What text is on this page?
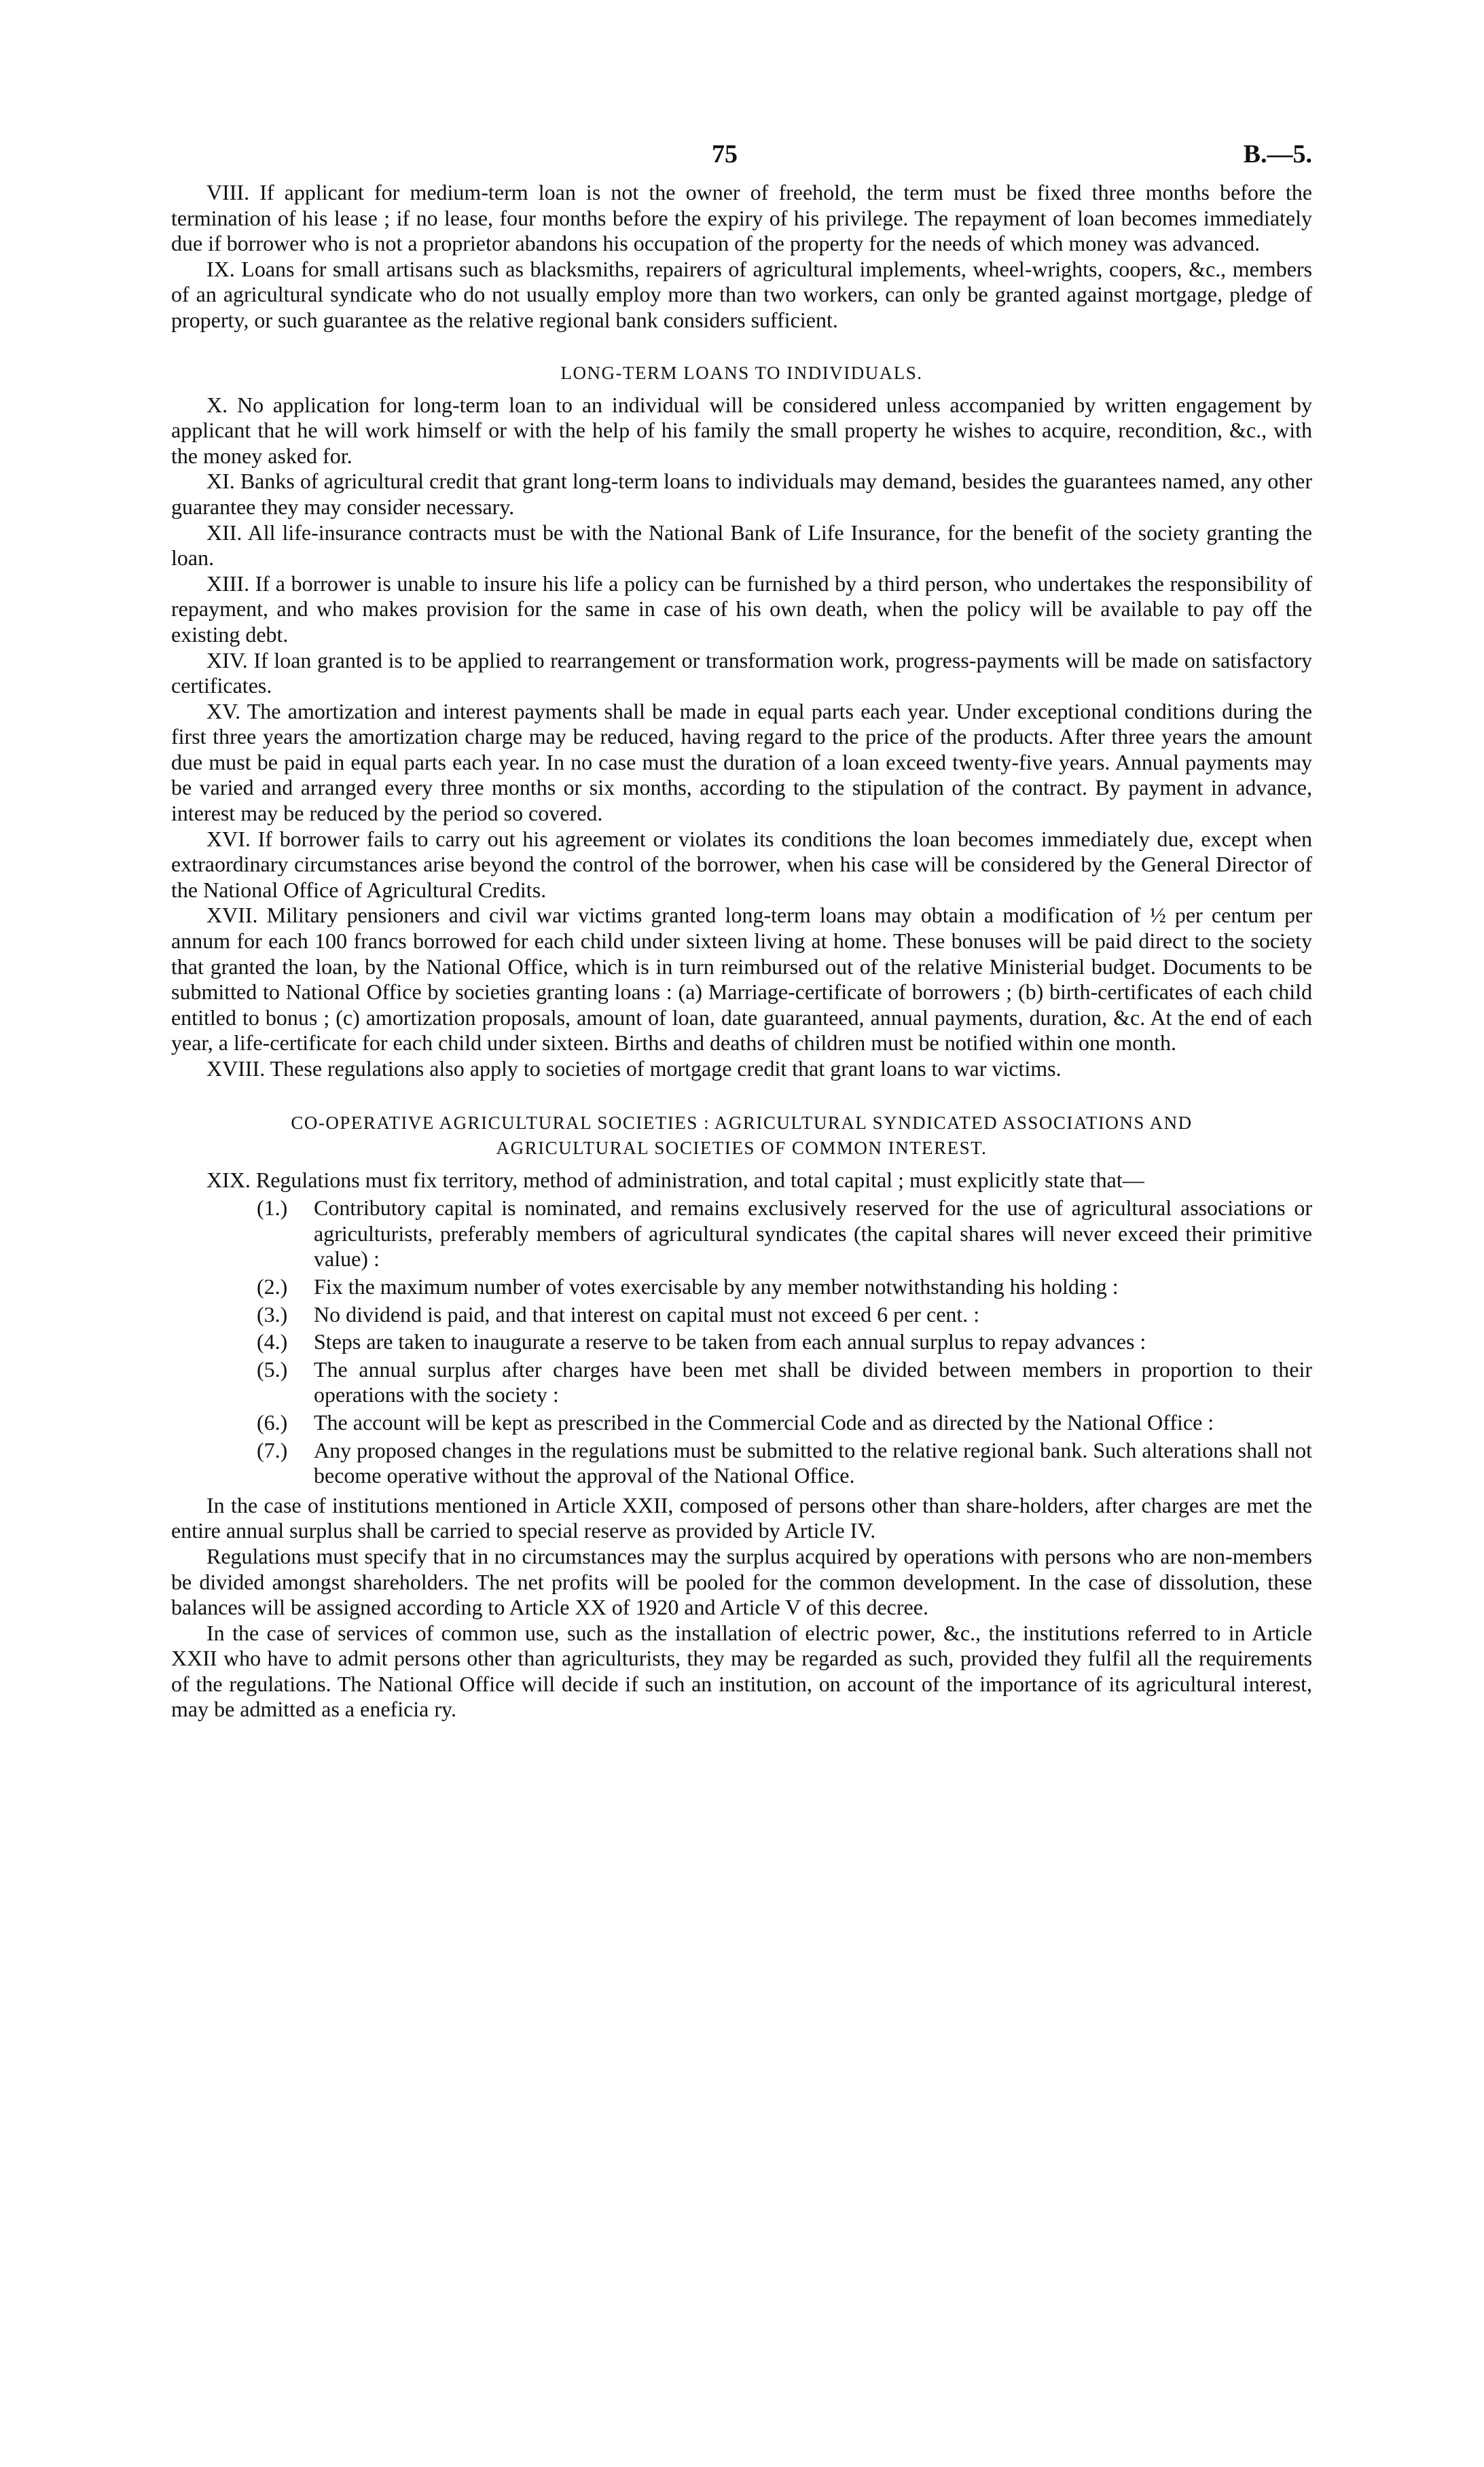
75	B.—5.

VIII. If applicant for medium-term loan is not the owner of freehold, the term must be fixed three months before the termination of his lease ; if no lease, four months before the expiry of his privilege. The repayment of loan becomes immediately due if borrower who is not a proprietor abandons his occupation of the property for the needs of which money was advanced.

IX. Loans for small artisans such as blacksmiths, repairers of agricultural implements, wheel-wrights, coopers, &c., members of an agricultural syndicate who do not usually employ more than two workers, can only be granted against mortgage, pledge of property, or such guarantee as the relative regional bank considers sufficient.

LONG-TERM LOANS TO INDIVIDUALS.

X. No application for long-term loan to an individual will be considered unless accompanied by written engagement by applicant that he will work himself or with the help of his family the small property he wishes to acquire, recondition, &c., with the money asked for.

XI. Banks of agricultural credit that grant long-term loans to individuals may demand, besides the guarantees named, any other guarantee they may consider necessary.

XII. All life-insurance contracts must be with the National Bank of Life Insurance, for the benefit of the society granting the loan.

XIII. If a borrower is unable to insure his life a policy can be furnished by a third person, who undertakes the responsibility of repayment, and who makes provision for the same in case of his own death, when the policy will be available to pay off the existing debt.

XIV. If loan granted is to be applied to rearrangement or transformation work, progress-payments will be made on satisfactory certificates.

XV. The amortization and interest payments shall be made in equal parts each year. Under exceptional conditions during the first three years the amortization charge may be reduced, having regard to the price of the products. After three years the amount due must be paid in equal parts each year. In no case must the duration of a loan exceed twenty-five years. Annual payments may be varied and arranged every three months or six months, according to the stipulation of the contract. By payment in advance, interest may be reduced by the period so covered.

XVI. If borrower fails to carry out his agreement or violates its conditions the loan becomes immediately due, except when extraordinary circumstances arise beyond the control of the borrower, when his case will be considered by the General Director of the National Office of Agricultural Credits.

XVII. Military pensioners and civil war victims granted long-term loans may obtain a modification of ½ per centum per annum for each 100 francs borrowed for each child under sixteen living at home. These bonuses will be paid direct to the society that granted the loan, by the National Office, which is in turn reimbursed out of the relative Ministerial budget. Documents to be submitted to National Office by societies granting loans : (a) Marriage-certificate of borrowers ; (b) birth-certificates of each child entitled to bonus ; (c) amortization proposals, amount of loan, date guaranteed, annual payments, duration, &c. At the end of each year, a life-certificate for each child under sixteen. Births and deaths of children must be notified within one month.

XVIII. These regulations also apply to societies of mortgage credit that grant loans to war victims.

CO-OPERATIVE AGRICULTURAL SOCIETIES : AGRICULTURAL SYNDICATED ASSOCIATIONS AND
AGRICULTURAL SOCIETIES OF COMMON INTEREST.

XIX. Regulations must fix territory, method of administration, and total capital ; must explicitly state that—

(1.) Contributory capital is nominated, and remains exclusively reserved for the use of agricultural associations or agriculturists, preferably members of agricultural syndicates (the capital shares will never exceed their primitive value) :
(2.) Fix the maximum number of votes exercisable by any member notwithstanding his holding :
(3.) No dividend is paid, and that interest on capital must not exceed 6 per cent. :
(4.) Steps are taken to inaugurate a reserve to be taken from each annual surplus to repay advances :
(5.) The annual surplus after charges have been met shall be divided between members in proportion to their operations with the society :
(6.) The account will be kept as prescribed in the Commercial Code and as directed by the National Office :
(7.) Any proposed changes in the regulations must be submitted to the relative regional bank. Such alterations shall not become operative without the approval of the National Office.

In the case of institutions mentioned in Article XXII, composed of persons other than share-holders, after charges are met the entire annual surplus shall be carried to special reserve as provided by Article IV.

Regulations must specify that in no circumstances may the surplus acquired by operations with persons who are non-members be divided amongst shareholders. The net profits will be pooled for the common development. In the case of dissolution, these balances will be assigned according to Article XX of 1920 and Article V of this decree.

In the case of services of common use, such as the installation of electric power, &c., the institutions referred to in Article XXII who have to admit persons other than agriculturists, they may be regarded as such, provided they fulfil all the requirements of the regulations. The National Office will decide if such an institution, on account of the importance of its agricultural interest, may be admitted as a eneficia ry.
